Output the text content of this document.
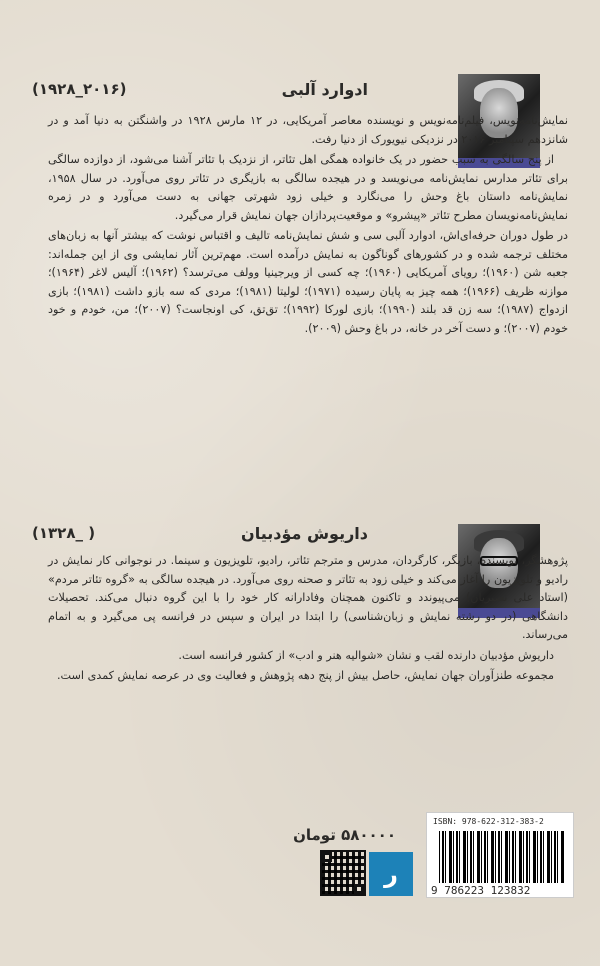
ادوارد آلبی
(۱۹۲۸_۲۰۱۶)

نمایش‌نامه‌نویس، فیلم‌نامه‌نویس و نویسنده معاصر آمریکایی، در ۱۲ مارس ۱۹۲۸ در واشنگتن به دنیا آمد و در شانزدهم سپتامبر ۲۰۱۶ در نزدیکی نیویورک از دنیا رفت.

از پنج سالگی به سبب حضور در یک خانواده همگی اهل تئاتر، از نزدیک با تئاتر آشنا می‌شود، از دوازده سالگی برای تئاتر مدارس نمایش‌نامه می‌نویسد و در هیجده سالگی به بازیگری در تئاتر روی می‌آورد. در سال ۱۹۵۸، نمایش‌نامه داستان باغ وحش را می‌نگارد و خیلی زود شهرتی جهانی به دست می‌آورد و در زمره نمایش‌نامه‌نویسان مطرح تئاتر «پیشرو» و موقعیت‌پردازان جهان نمایش قرار می‌گیرد.

در طول دوران حرفه‌ای‌اش، ادوارد آلبی سی و شش نمایش‌نامه تالیف و اقتباس نوشت که بیشتر آنها به زبان‌های مختلف ترجمه شده و در کشورهای گوناگون به نمایش درآمده است. مهم‌ترین آثار نمایشی وی از این جمله‌اند: جعبه شن (۱۹۶۰)؛ رویای آمریکایی (۱۹۶۰)؛ چه کسی از ویرجینیا وولف می‌ترسد؟ (۱۹۶۲)؛ آلیس لاغر (۱۹۶۴)؛ موازنه ظریف (۱۹۶۶)؛ همه چیز به پایان رسیده (۱۹۷۱)؛ لولیتا (۱۹۸۱)؛ مردی که سه بازو داشت (۱۹۸۱)؛ بازی ازدواج (۱۹۸۷)؛ سه زن قد بلند (۱۹۹۰)؛ بازی لورکا (۱۹۹۲)؛ تق‌تق، کی اونجاست؟ (۲۰۰۷)؛ من، خودم و خود خودم (۲۰۰۷)؛ و دست آخر در خانه، در باغ وحش (۲۰۰۹).

داریوش مؤدبیان
(۱۳۲۸_ )

پژوهشگر، نویسنده، بازیگر، کارگردان، مدرس و مترجم تئاتر، رادیو، تلویزیون و سینما. در نوجوانی کار نمایش در رادیو و تلویزیون را آغاز می‌کند و خیلی زود به تئاتر و صحنه روی می‌آورد. در هیجده سالگی به «گروه تئاتر مردم» (استاد علی نصیریان) می‌پیوندد و تاکنون همچنان وفادارانه کار خود را با این گروه دنبال می‌کند. تحصیلات دانشگاهی (در دو رشته نمایش و زبان‌شناسی) را ابتدا در ایران و سپس در فرانسه پی می‌گیرد و به اتمام می‌رساند.

داریوش مؤدبیان دارنده لقب و نشان «شوالیه هنر و ادب» از کشور فرانسه است.

مجموعه طنزآوران جهان نمایش، حاصل بیش از پنج دهه پژوهش و فعالیت وی در عرصه نمایش کمدی است.

۵۸۰۰۰۰ تومان
ر
ISBN: 978-622-312-383-2
9 786223 123832
